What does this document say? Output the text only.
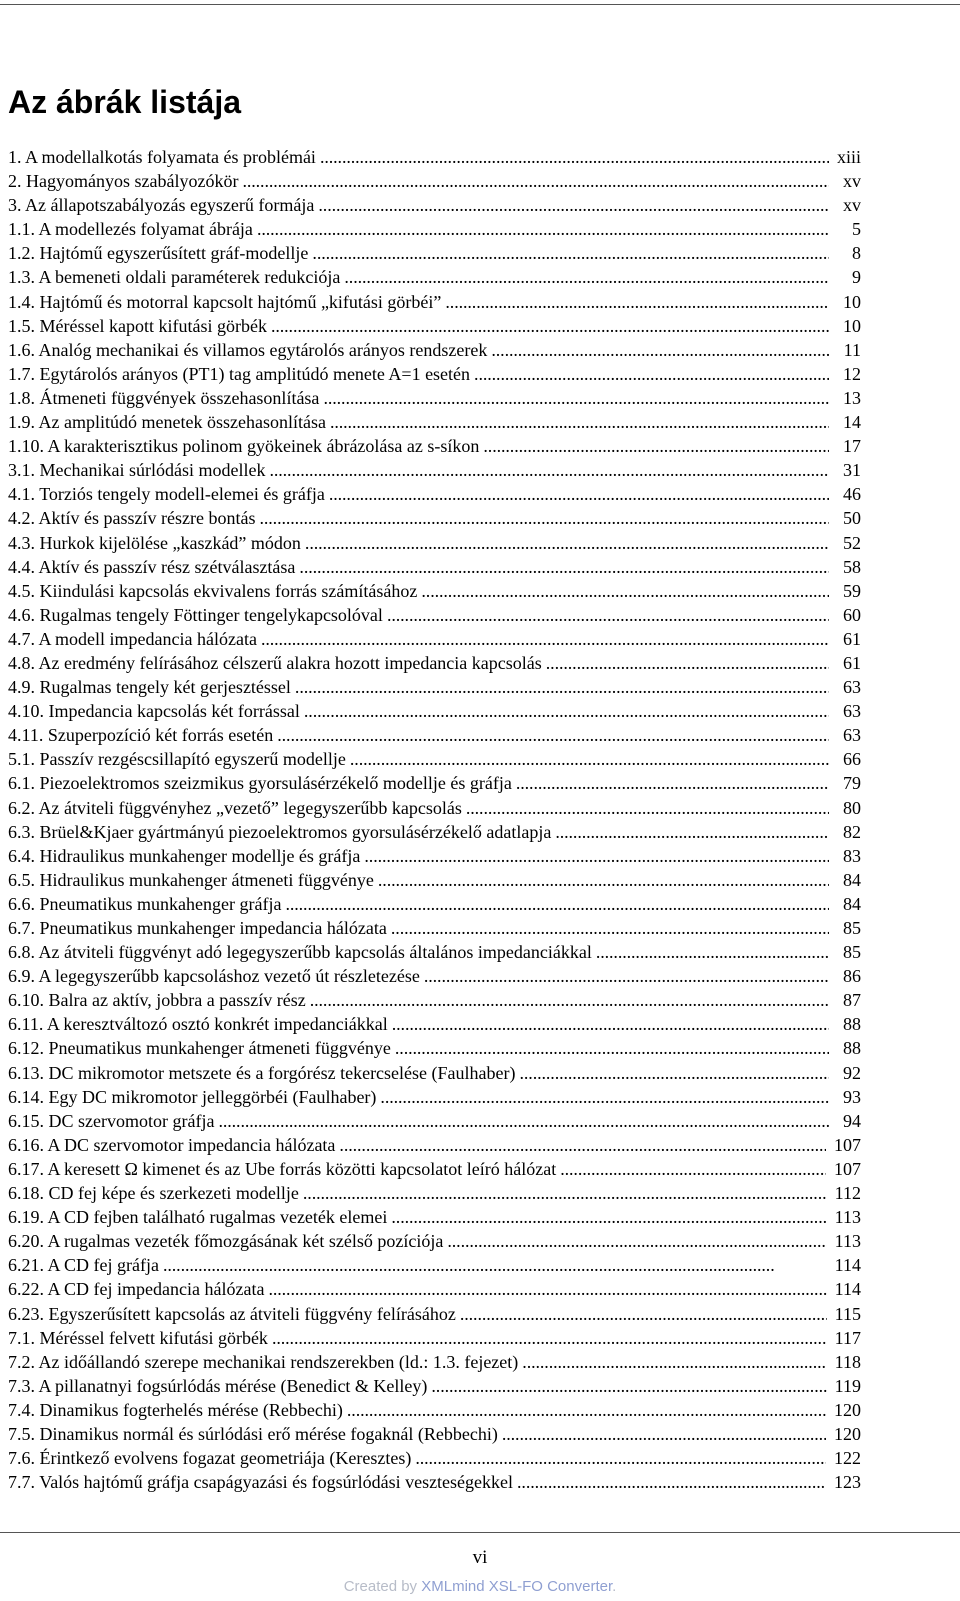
Az ábrák listája
1. A modellalkotás folyamata és problémái . . .	xiii
2. Hagyományos szabályozókör . . .	xv
3. Az állapotszabályozás egyszerű formája . . .	xv
1.1. A modellezés folyamat ábrája . . .	5
1.2. Hajtómű egyszerűsített gráf-modellje . . .	8
1.3. A bemeneti oldali paraméterek redukciója . . .	9
1.4. Hajtómű és motorral kapcsolt hajtómű „kifutási görbéi” . . .	10
1.5. Méréssel kapott kifutási görbék . . .	10
1.6. Analóg mechanikai és villamos egytárolós arányos rendszerek . . .	11
1.7. Egytárolós arányos (PT1) tag amplitúdó menete A=1 esetén . . .	12
1.8. Átmeneti függvények összehasonlítása . . .	13
1.9. Az amplitúdó menetek összehasonlítása . . .	14
1.10. A karakterisztikus polinom gyökeinek ábrázolása az s-síkon . . .	17
3.1. Mechanikai súrlódási modellek . . .	31
4.1. Torziós tengely modell-elemei és gráfja . . .	46
4.2. Aktív és passzív részre bontás . . .	50
4.3. Hurkok kijelölése „kaszkád” módon . . .	52
4.4. Aktív és passzív rész szétválasztása . . .	58
4.5. Kiindulási kapcsolás ekvivalens forrás számításához . . .	59
4.6. Rugalmas tengely Föttinger tengelykapcsolóval . . .	60
4.7. A modell impedancia hálózata . . .	61
4.8. Az eredmény felírásához célszerű alakra hozott impedancia kapcsolás . . .	61
4.9. Rugalmas tengely két gerjesztéssel . . .	63
4.10. Impedancia kapcsolás két forrással . . .	63
4.11. Szuperpozíció két forrás esetén . . .	63
5.1. Passzív rezgéscsillapító egyszerű modellje . . .	66
6.1. Piezoelektromos szeizmikus gyorsulásérzékelő modellje és gráfja . . .	79
6.2. Az átviteli függvényhez „vezető” legegyszerűbb kapcsolás . . .	80
6.3. Brüel&Kjaer gyártmányú piezoelektromos gyorsulásérzékelő adatlapja . . .	82
6.4. Hidraulikus munkahenger modellje és gráfja . . .	83
6.5. Hidraulikus munkahenger átmeneti függvénye . . .	84
6.6. Pneumatikus munkahenger gráfja . . .	84
6.7. Pneumatikus munkahenger impedancia hálózata . . .	85
6.8. Az átviteli függvényt adó legegyszerűbb kapcsolás általános impedanciákkal . . .	85
6.9. A legegyszerűbb kapcsoláshoz vezető út részletezése . . .	86
6.10. Balra az aktív, jobbra a passzív rész . . .	87
6.11. A keresztváltozó osztó konkrét impedanciákkal . . .	88
6.12. Pneumatikus munkahenger átmeneti függvénye . . .	88
6.13. DC mikromotor metszete és a forgórész tekercselése (Faulhaber) . . .	92
6.14. Egy DC mikromotor jelleggörbéi (Faulhaber) . . .	93
6.15. DC szervomotor gráfja . . .	94
6.16. A DC szervomotor impedancia hálózata . . .	107
6.17. A keresett Ω kimenet és az Ube forrás közötti kapcsolatot leíró hálózat . . .	107
6.18. CD fej képe és szerkezeti modellje . . .	112
6.19. A CD fejben található rugalmas vezeték elemei . . .	113
6.20. A rugalmas vezeték főmozgásának két szélső pozíciója . . .	113
6.21. A CD fej gráfja . . .	114
6.22. A CD fej impedancia hálózata . . .	114
6.23. Egyszerűsített kapcsolás az átviteli függvény felírásához . . .	115
7.1. Méréssel felvett kifutási görbék . . .	117
7.2. Az időállandó szerepe mechanikai rendszerekben (ld.: 1.3. fejezet) . . .	118
7.3. A pillanatnyi fogsúrlódás mérése (Benedict & Kelley) . . .	119
7.4. Dinamikus fogterhelés mérése (Rebbechi) . . .	120
7.5. Dinamikus normál és súrlódási erő mérése fogaknál (Rebbechi) . . .	120
7.6. Érintkező evolvens fogazat geometriája (Keresztes) . . .	122
7.7. Valós hajtómű gráfja csapágyazási és fogsúrlódási veszteségekkel . . .	123
vi
Created by XMLmind XSL-FO Converter.
